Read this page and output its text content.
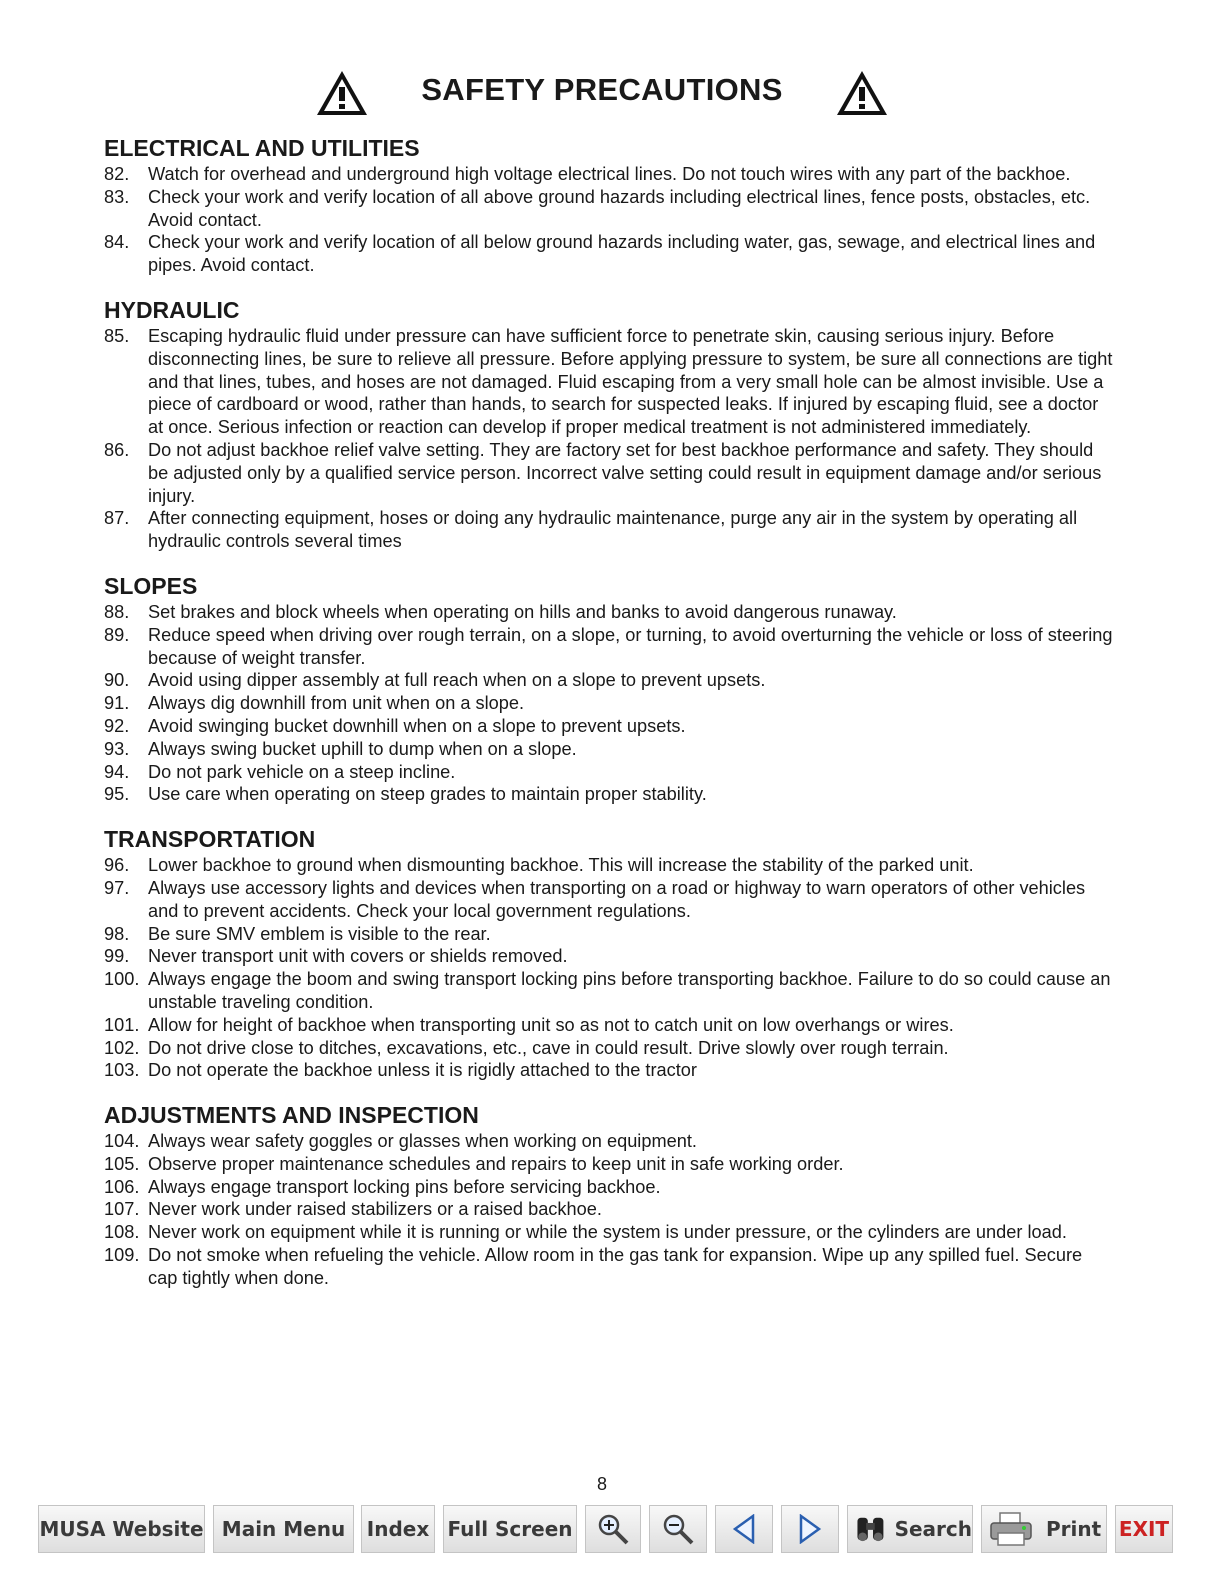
SAFETY PRECAUTIONS
ELECTRICAL AND UTILITIES
82.	Watch for overhead and underground high voltage electrical lines. Do not touch wires with any part of the backhoe.
83.	Check your work and verify location of all above ground hazards including electrical lines, fence posts, obstacles, etc. Avoid contact.
84.	Check your work and verify location of all below ground hazards including water, gas, sewage, and electrical lines and pipes. Avoid contact.
HYDRAULIC
85.	Escaping hydraulic fluid under pressure can have sufficient force to penetrate skin, causing serious injury. Before disconnecting lines, be sure to relieve all pressure. Before applying pressure to system, be sure all connections are tight and that lines, tubes, and hoses are not damaged. Fluid escaping from a very small hole can be almost invisible. Use a piece of cardboard or wood, rather than hands, to search for suspected leaks. If injured by escaping fluid, see a doctor at once. Serious infection or reaction can develop if proper medical treatment is not administered immediately.
86.	Do not adjust backhoe relief valve setting. They are factory set for best backhoe performance and safety. They should be adjusted only by a qualified service person. Incorrect valve setting could result in equipment damage and/or serious injury.
87.	After connecting equipment, hoses or doing any hydraulic maintenance, purge any air in the system by operating all hydraulic controls several times
SLOPES
88.	Set brakes and block wheels when operating on hills and banks to avoid dangerous runaway.
89.	Reduce speed when driving over rough terrain, on a slope, or turning, to avoid overturning the vehicle or loss of steering because of weight transfer.
90.	Avoid using dipper assembly at full reach when on a slope to prevent upsets.
91.	Always dig downhill from unit when on a slope.
92.	Avoid swinging bucket downhill when on a slope to prevent upsets.
93.	Always swing bucket uphill to dump when on a slope.
94.	Do not park vehicle on a steep incline.
95.	Use care when operating on steep grades to maintain proper stability.
TRANSPORTATION
96.	Lower backhoe to ground when dismounting backhoe. This will increase the stability of the parked unit.
97.	Always use accessory lights and devices when transporting on a road or highway to warn operators of other vehicles and to prevent accidents. Check your local government regulations.
98.	Be sure SMV emblem is visible to the rear.
99.	Never transport unit with covers or shields removed.
100. Always engage the boom and swing transport locking pins before transporting backhoe. Failure to do so could cause an unstable traveling condition.
101. Allow for height of backhoe when transporting unit so as not to catch unit on low overhangs or wires.
102. Do not drive close to ditches, excavations, etc., cave in could result. Drive slowly over rough terrain.
103. Do not operate the backhoe unless it is rigidly attached to the tractor
ADJUSTMENTS AND INSPECTION
104. Always wear safety goggles or glasses when working on equipment.
105. Observe proper maintenance schedules and repairs to keep unit in safe working order.
106. Always engage transport locking pins before servicing backhoe.
107. Never work under raised stabilizers or a raised backhoe.
108. Never work on equipment while it is running or while the system is under pressure, or the cylinders are under load.
109. Do not smoke when refueling the vehicle. Allow room in the gas tank for expansion. Wipe up any spilled fuel. Secure cap tightly when done.
8
MUSA Website Main Menu	Index Full Screen	Search	Print EXIT
